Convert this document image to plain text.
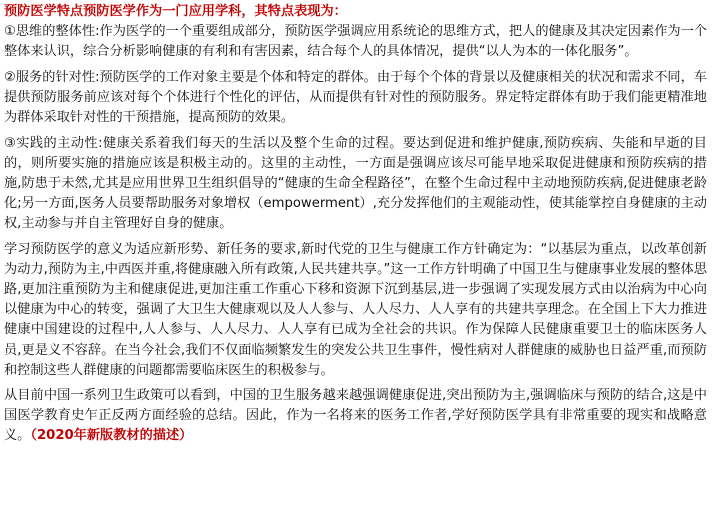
预防医学特点预防医学作为一门应用学科，其特点表现为：

①思维的整体性:作为医学的一个重要组成部分，预防医学强调应用系统论的思维方式，把人的健康及其决定因素作为一个整体来认识，综合分析影响健康的有利和有害因素，结合每个人的具体情况，提供“以人为本的一体化服务”。

②服务的针对性:预防医学的工作对象主要是个体和特定的群体。由于每个个体的背景以及健康相关的状况和需求不同，车提供预防服务前应该对每个个体进行个性化的评估，从而提供有针对性的预防服务。界定特定群体有助于我们能更精准地为群体采取针对性的干预措施，提高预防的效果。

③实践的主动性:健康关系着我们每天的生活以及整个生命的过程。要达到促进和维护健康,预防疾病、失能和早逝的目的，则所要实施的措施应该是积极主动的。这里的主动性，一方面是强调应该尽可能早地采取促进健康和预防疾病的措施,防患于未然,尤其是应用世界卫生组织倡导的“健康的生命全程路径”，在整个生命过程中主动地预防疾病,促进健康老龄化;另一方面,医务人员要帮助服务对象增权（empowerment）,充分发挥他们的主观能动性，使其能掌控自身健康的主动权,主动参与并自主管理好自身的健康。

学习预防医学的意义为适应新形势、新任务的要求,新时代党的卫生与健康工作方针确定为：“以基层为重点，以改革创新为动力,预防为主,中西医并重,将健康融入所有政策,人民共建共享。”这一工作方针明确了中国卫生与健康事业发展的整体思路,更加注重预防为主和健康促进,更加注重工作重心下移和资源下沉到基层,进一步强调了实现发展方式由以治病为中心向以健康为中心的转变，强调了大卫生大健康观以及人人参与、人人尽力、人人享有的共建共享理念。在全国上下大力推进健康中国建设的过程中,人人参与、人人尽力、人人享有已成为全社会的共识。作为保障人民健康重要卫士的临床医务人员,更是义不容辞。在当今社会,我们不仅面临频繁发生的突发公共卫生事件，慢性病对人群健康的威胁也日益严重,而预防和控制这些人群健康的问题都需要临床医生的积极参与。

从目前中国一系列卫生政策可以看到，中国的卫生服务越来越强调健康促进,突出预防为主,强调临床与预防的结合,这是中国医学教育史乍正反两方面经验的总结。因此，作为一名将来的医务工作者,学好预防医学具有非常重要的现实和战略意义。（2020年新版教材的描述）
